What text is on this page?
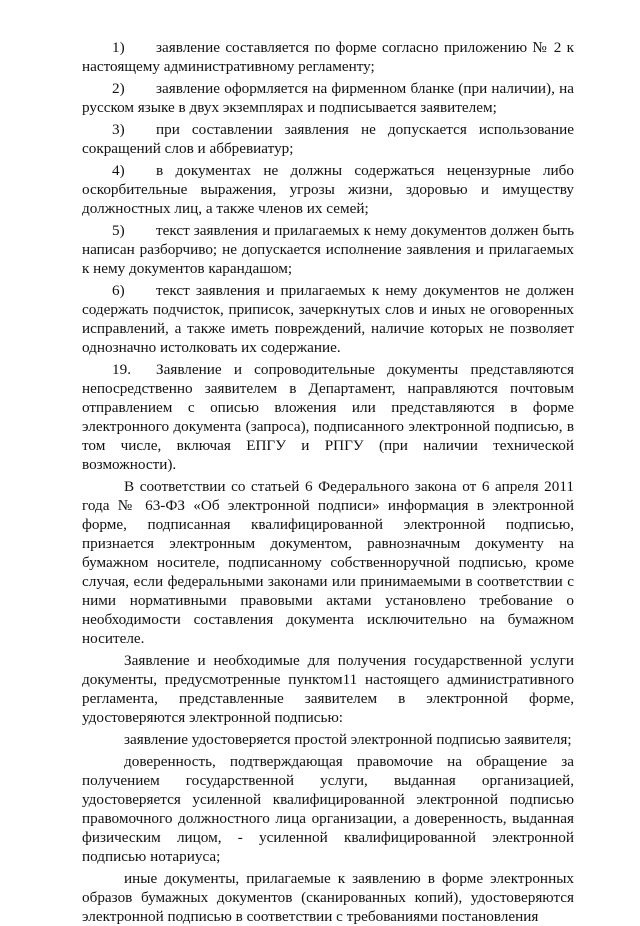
1) заявление составляется по форме согласно приложению № 2 к настоящему административному регламенту;

2) заявление оформляется на фирменном бланке (при наличии), на русском языке в двух экземплярах и подписывается заявителем;

3) при составлении заявления не допускается использование сокращений слов и аббревиатур;

4) в документах не должны содержаться нецензурные либо оскорбительные выражения, угрозы жизни, здоровью и имуществу должностных лиц, а также членов их семей;

5) текст заявления и прилагаемых к нему документов должен быть написан разборчиво; не допускается исполнение заявления и прилагаемых к нему документов карандашом;

6) текст заявления и прилагаемых к нему документов не должен содержать подчисток, приписок, зачеркнутых слов и иных не оговоренных исправлений, а также иметь повреждений, наличие которых не позволяет однозначно истолковать их содержание.

19. Заявление и сопроводительные документы представляются непосредственно заявителем в Департамент, направляются почтовым отправлением с описью вложения или представляются в форме электронного документа (запроса), подписанного электронной подписью, в том числе, включая ЕПГУ и РПГУ (при наличии технической возможности).

В соответствии со статьей 6 Федерального закона от 6 апреля 2011 года № 63-ФЗ «Об электронной подписи» информация в электронной форме, подписанная квалифицированной электронной подписью, признается электронным документом, равнозначным документу на бумажном носителе, подписанному собственноручной подписью, кроме случая, если федеральными законами или принимаемыми в соответствии с ними нормативными правовыми актами установлено требование о необходимости составления документа исключительно на бумажном носителе.

Заявление и необходимые для получения государственной услуги документы, предусмотренные пунктом11 настоящего административного регламента, представленные заявителем в электронной форме, удостоверяются электронной подписью:

заявление удостоверяется простой электронной подписью заявителя;

доверенность, подтверждающая правомочие на обращение за получением государственной услуги, выданная организацией, удостоверяется усиленной квалифицированной электронной подписью правомочного должностного лица организации, а доверенность, выданная физическим лицом, - усиленной квалифицированной электронной подписью нотариуса;

иные документы, прилагаемые к заявлению в форме электронных образов бумажных документов (сканированных копий), удостоверяются электронной подписью в соответствии с требованиями постановления
